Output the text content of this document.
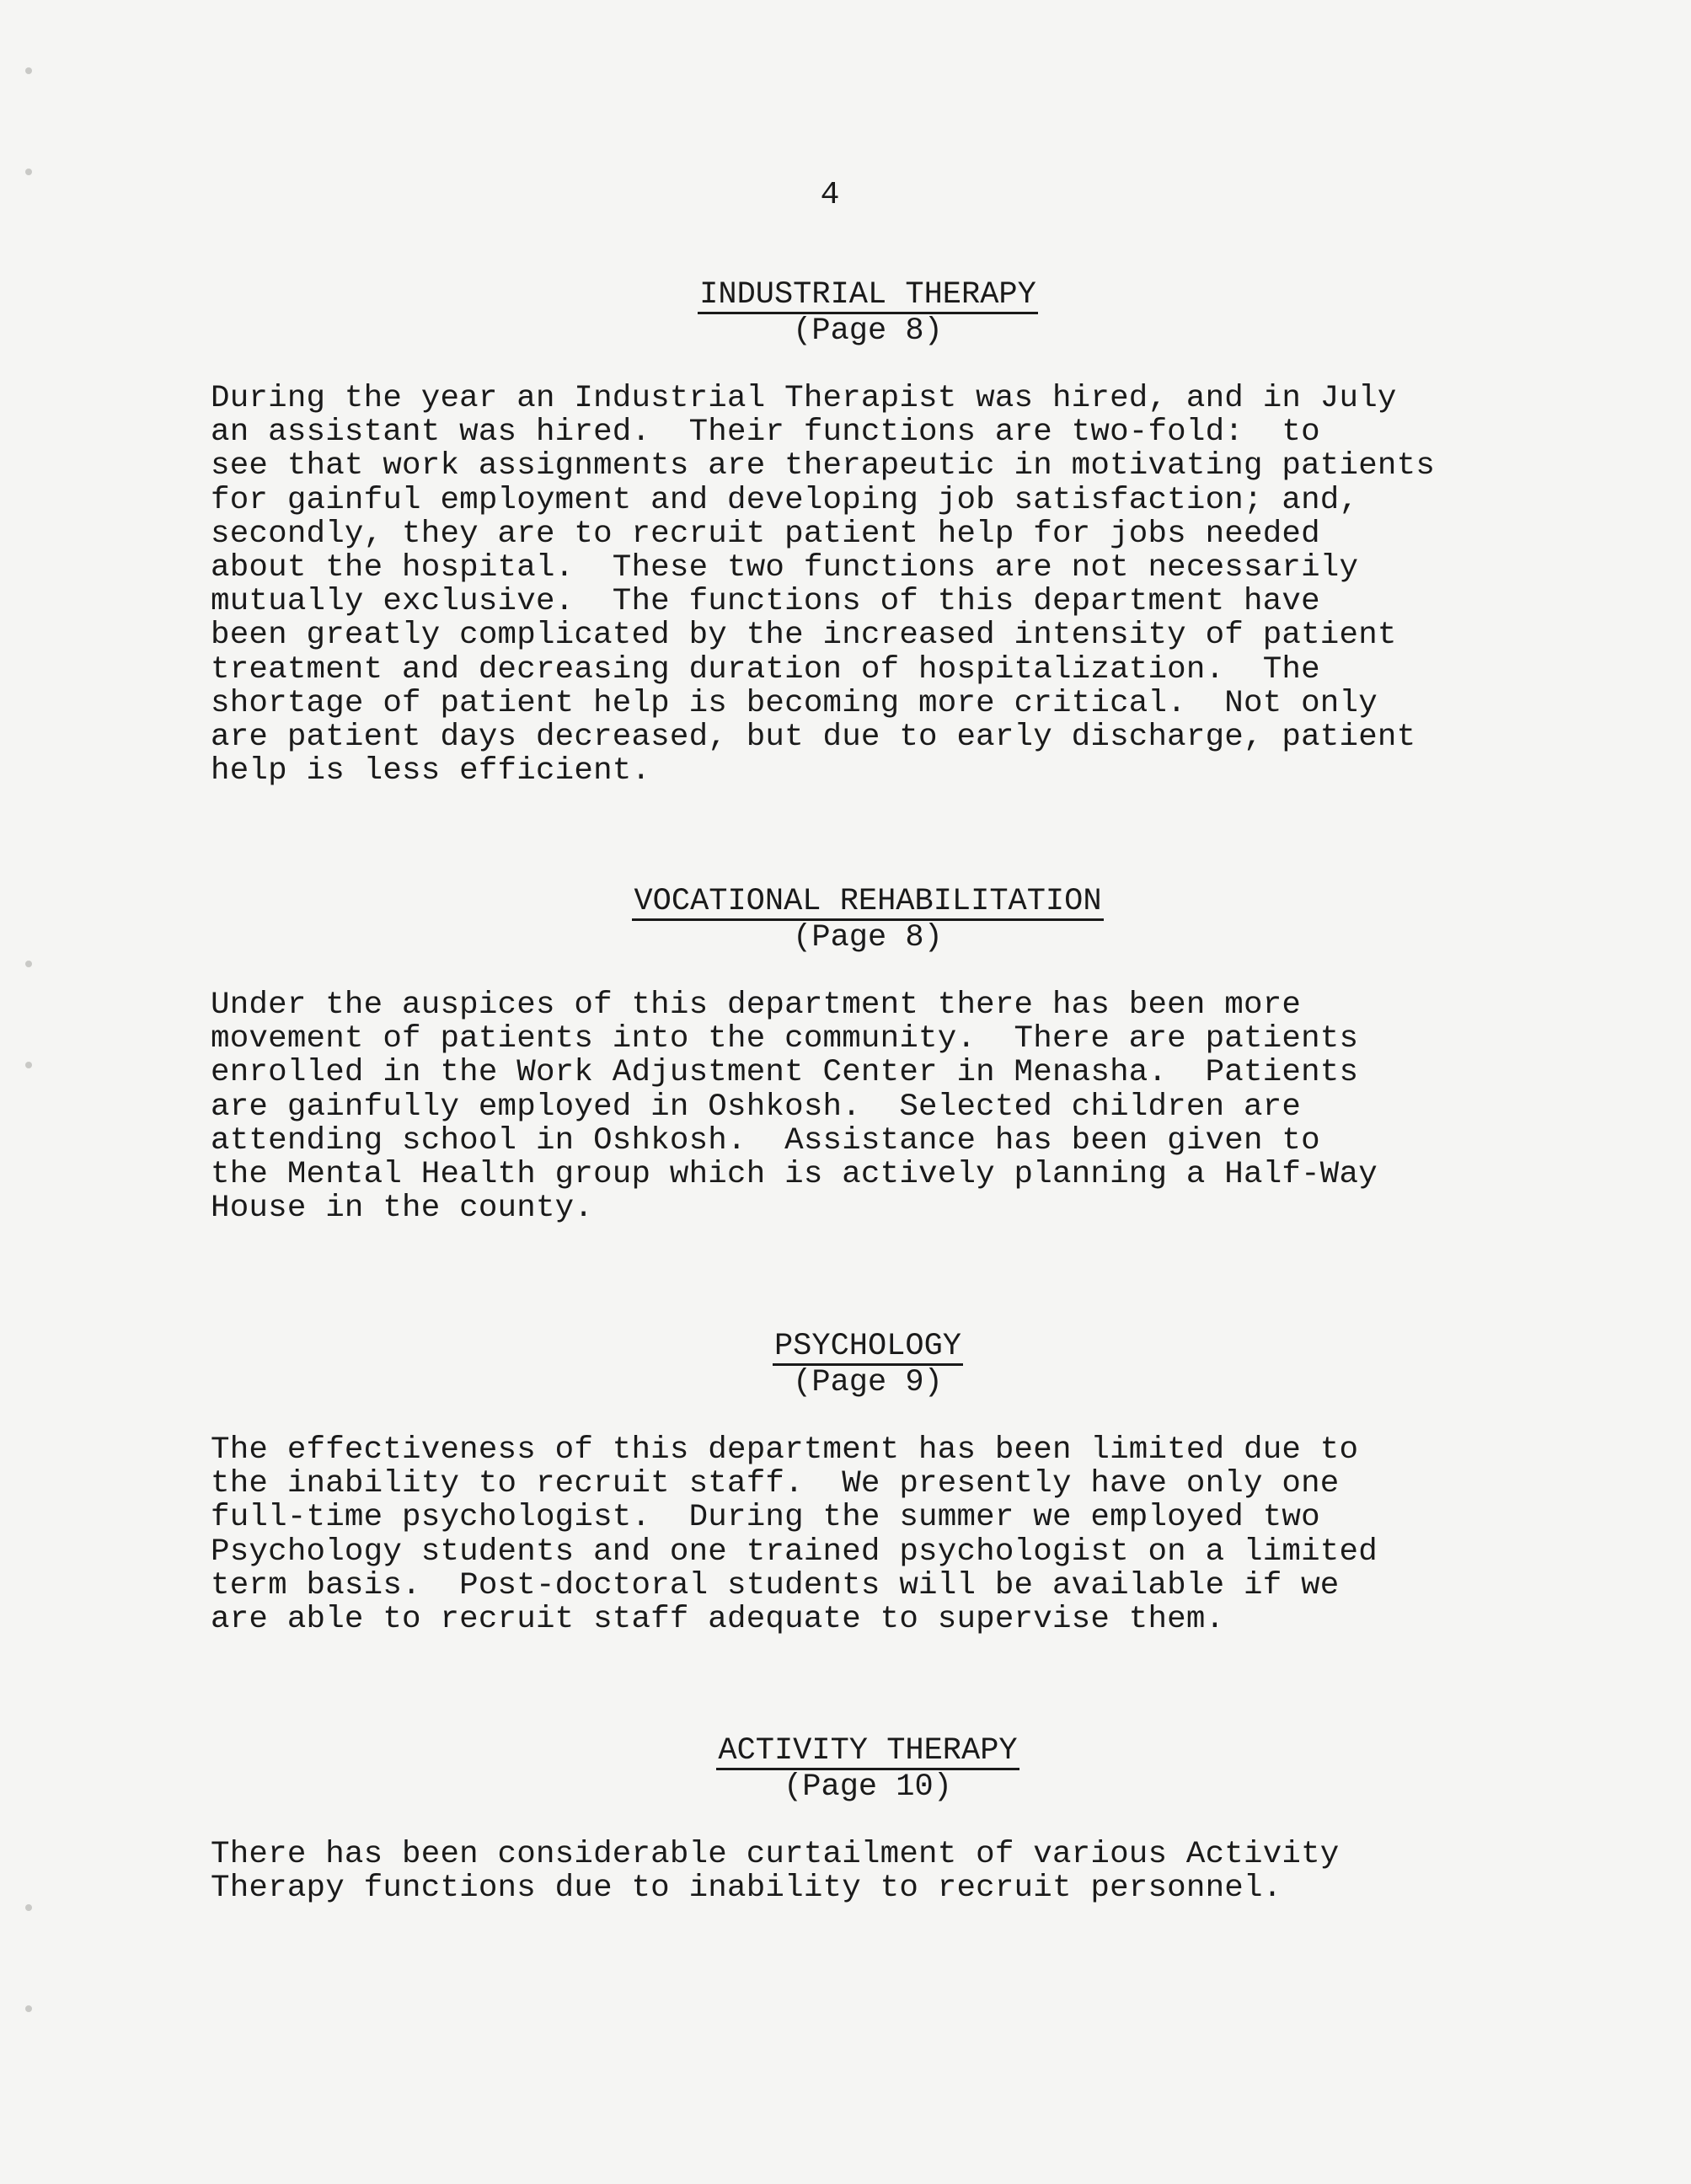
4
INDUSTRIAL THERAPY
(Page 8)
During the year an Industrial Therapist was hired, and in July
an assistant was hired.  Their functions are two-fold:  to
see that work assignments are therapeutic in motivating patients
for gainful employment and developing job satisfaction; and,
secondly, they are to recruit patient help for jobs needed
about the hospital.  These two functions are not necessarily
mutually exclusive.  The functions of this department have
been greatly complicated by the increased intensity of patient
treatment and decreasing duration of hospitalization.  The
shortage of patient help is becoming more critical.  Not only
are patient days decreased, but due to early discharge, patient
help is less efficient.
VOCATIONAL REHABILITATION
(Page 8)
Under the auspices of this department there has been more
movement of patients into the community.  There are patients
enrolled in the Work Adjustment Center in Menasha.  Patients
are gainfully employed in Oshkosh.  Selected children are
attending school in Oshkosh.  Assistance has been given to
the Mental Health group which is actively planning a Half-Way
House in the county.
PSYCHOLOGY
(Page 9)
The effectiveness of this department has been limited due to
the inability to recruit staff.  We presently have only one
full-time psychologist.  During the summer we employed two
Psychology students and one trained psychologist on a limited
term basis.  Post-doctoral students will be available if we
are able to recruit staff adequate to supervise them.
ACTIVITY THERAPY
(Page 10)
There has been considerable curtailment of various Activity
Therapy functions due to inability to recruit personnel.
